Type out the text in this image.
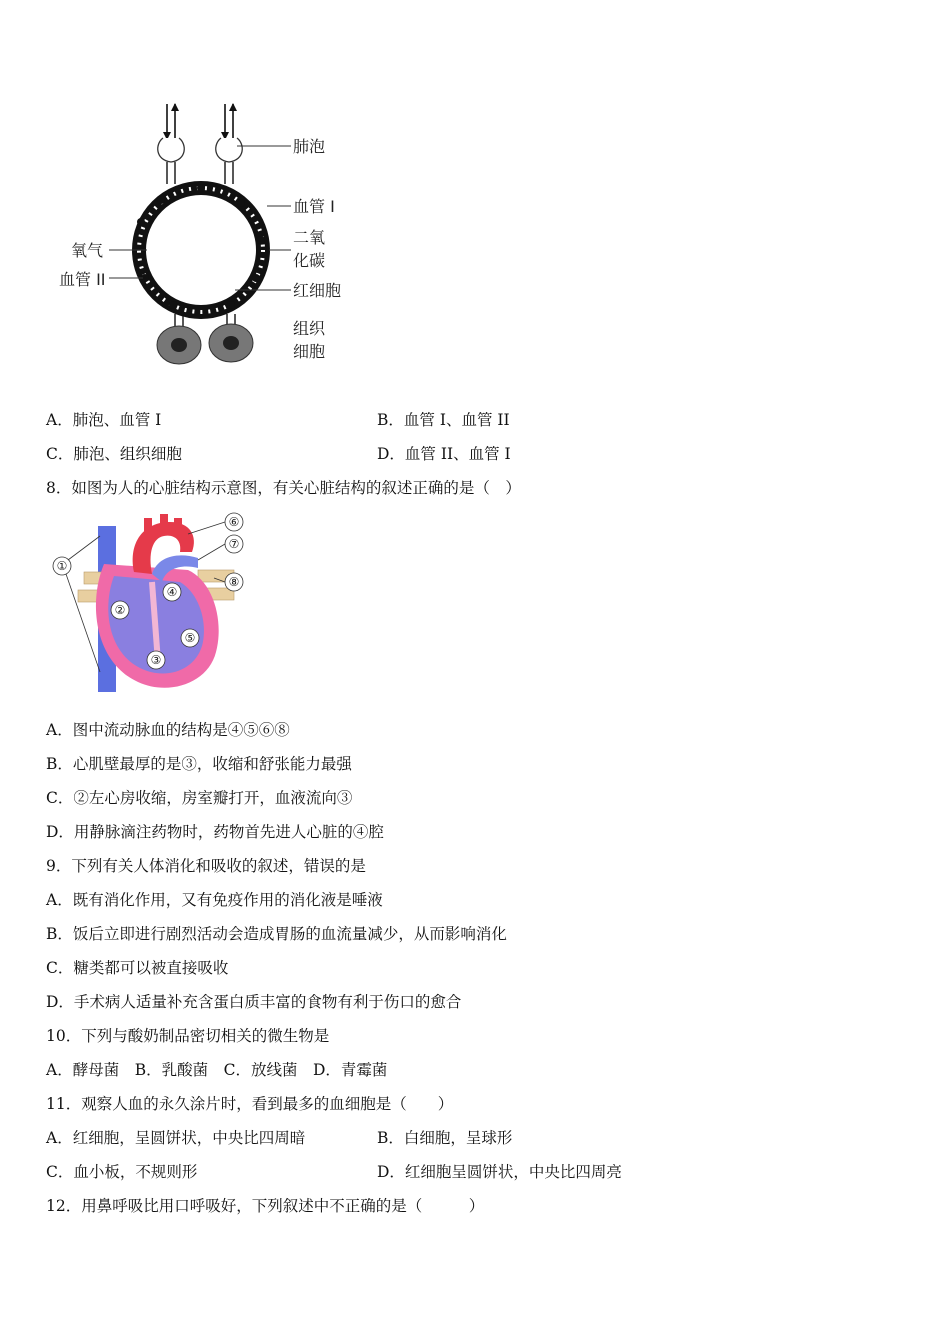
肺泡
血管 I
二氧
化碳
氧气
血管 II
红细胞
组织
细胞
A．肺泡、血管 I	B．血管 I、血管 II
C．肺泡、组织细胞	D．血管 II、血管 I
8．如图为人的心脏结构示意图，有关心脏结构的叙述正确的是（　）
①
②
③
④
⑤
⑥
⑦
⑧
A．图中流动脉血的结构是④⑤⑥⑧
B．心肌壁最厚的是③，收缩和舒张能力最强
C．②左心房收缩，房室瓣打开，血液流向③
D．用静脉滴注药物时，药物首先进人心脏的④腔
9．下列有关人体消化和吸收的叙述，错误的是
A．既有消化作用，又有免疫作用的消化液是唾液
B．饭后立即进行剧烈活动会造成胃肠的血流量减少，从而影响消化
C．糖类都可以被直接吸收
D．手术病人适量补充含蛋白质丰富的食物有利于伤口的愈合
10．下列与酸奶制品密切相关的微生物是
A．酵母菌　B．乳酸菌　C．放线菌　D．青霉菌
11．观察人血的永久涂片时，看到最多的血细胞是（　　）
A．红细胞，呈圆饼状，中央比四周暗	B．白细胞，呈球形
C．血小板，不规则形	D．红细胞呈圆饼状，中央比四周亮
12．用鼻呼吸比用口呼吸好，下列叙述中不正确的是（　　　）
